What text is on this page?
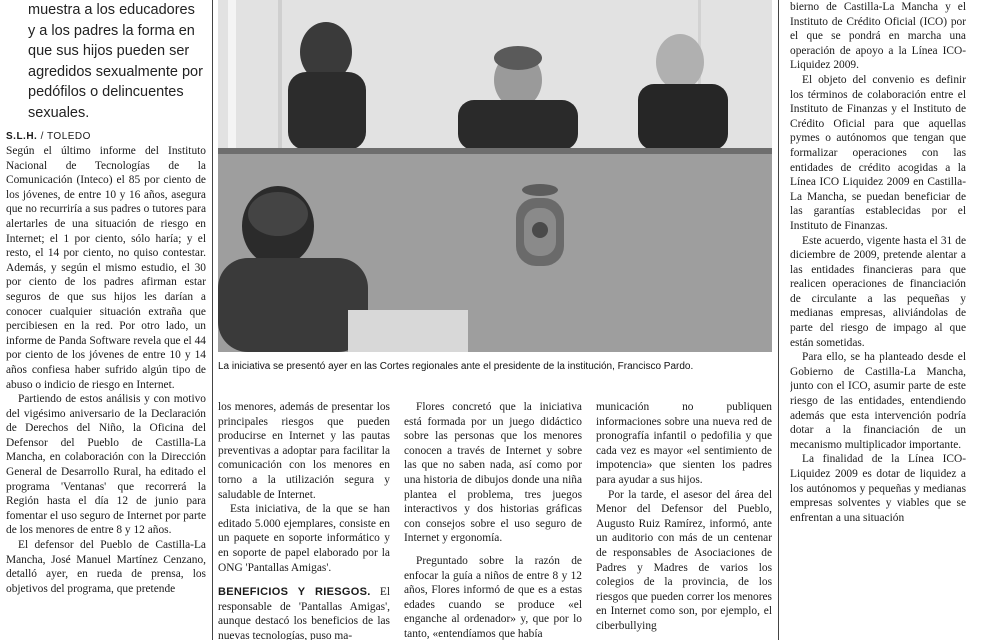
muestra a los educadores y a los padres la forma en que sus hijos pueden ser agredidos sexualmente por pedófilos o delincuentes sexuales.

S.L.H. / TOLEDO

Según el último informe del Instituto Nacional de Tecnologías de la Comunicación (Inteco) el 85 por ciento de los jóvenes, de entre 10 y 16 años, asegura que no recurriría a sus padres o tutores para alertarles de una situación de riesgo en Internet; el 1 por ciento, sólo haría; y el resto, el 14 por ciento, no quiso contestar. Además, y según el mismo estudio, el 30 por ciento de los padres afirman estar seguros de que sus hijos les darían a conocer cualquier situación extraña que percibiesen en la red. Por otro lado, un informe de Panda Software revela que el 44 por ciento de los jóvenes de entre 10 y 14 años confiesa haber sufrido algún tipo de abuso o indicio de riesgo en Internet.

Partiendo de estos análisis y con motivo del vigésimo aniversario de la Declaración de Derechos del Niño, la Oficina del Defensor del Pueblo de Castilla-La Mancha, en colaboración con la Dirección General de Desarrollo Rural, ha editado el programa 'Ventanas' que recorrerá la Región hasta el día 12 de junio para fomentar el uso seguro de Internet por parte de los menores de entre 8 y 12 años.

El defensor del Pueblo de Castilla-La Mancha, José Manuel Martínez Cenzano, detalló ayer, en rueda de prensa, los objetivos del programa, que pretende

La iniciativa se presentó ayer en las Cortes regionales ante el presidente de la institución, Francisco Pardo.

los menores, además de presentar los principales riesgos que pueden producirse en Internet y las pautas preventivas a adoptar para facilitar la comunicación con los menores en torno a la utilización segura y saludable de Internet.

Esta iniciativa, de la que se han editado 5.000 ejemplares, consiste en un paquete en soporte informático y en soporte de papel elaborado por la ONG 'Pantallas Amigas'.

BENEFICIOS Y RIESGOS. El responsable de 'Pantallas Amigas', aunque destacó los beneficios de las nuevas tecnologías, puso ma-

Flores concretó que la iniciativa está formada por un juego didáctico sobre las personas que los menores conocen a través de Internet y sobre las que no saben nada, así como por una historia de dibujos donde una niña plantea el problema, tres juegos interactivos y dos historias gráficas con consejos sobre el uso seguro de Internet y ergonomía.

Preguntado sobre la razón de enfocar la guía a niños de entre 8 y 12 años, Flores informó de que es a estas edades cuando se produce «el enganche al ordenador» y, que por lo tanto, «entendíamos que había

municación no publiquen informaciones sobre una nueva red de pronografía infantil o pedofilia y que cada vez es mayor «el sentimiento de impotencia» que sienten los padres para ayudar a sus hijos.

Por la tarde, el asesor del área del Menor del Defensor del Pueblo, Augusto Ruiz Ramírez, informó, ante un auditorio con más de un centenar de responsables de Asociaciones de Padres y Madres de varios los colegios de la provincia, de los riesgos que pueden correr los menores en Internet como son, por ejemplo, el ciberbullying

bierno de Castilla-La Mancha y el Instituto de Crédito Oficial (ICO) por el que se pondrá en marcha una operación de apoyo a la Línea ICO-Liquidez 2009.

El objeto del convenio es definir los términos de colaboración entre el Instituto de Finanzas y el Instituto de Crédito Oficial para que aquellas pymes o autónomos que tengan que formalizar operaciones con las entidades de crédito acogidas a la Línea ICO Liquidez 2009 en Castilla-La Mancha, se puedan beneficiar de las garantías establecidas por el Instituto de Finanzas.

Este acuerdo, vigente hasta el 31 de diciembre de 2009, pretende alentar a las entidades financieras para que realicen operaciones de financiación de circulante a las pequeñas y medianas empresas, aliviándolas de parte del riesgo de impago al que están sometidas.

Para ello, se ha planteado desde el Gobierno de Castilla-La Mancha, junto con el ICO, asumir parte de este riesgo de las entidades, entendiendo además que esta intervención podría dotar a la financiación de un mecanismo multiplicador importante.

La finalidad de la Línea ICO-Liquidez 2009 es dotar de liquidez a los autónomos y pequeñas y medianas empresas solventes y viables que se enfrentan a una situación
